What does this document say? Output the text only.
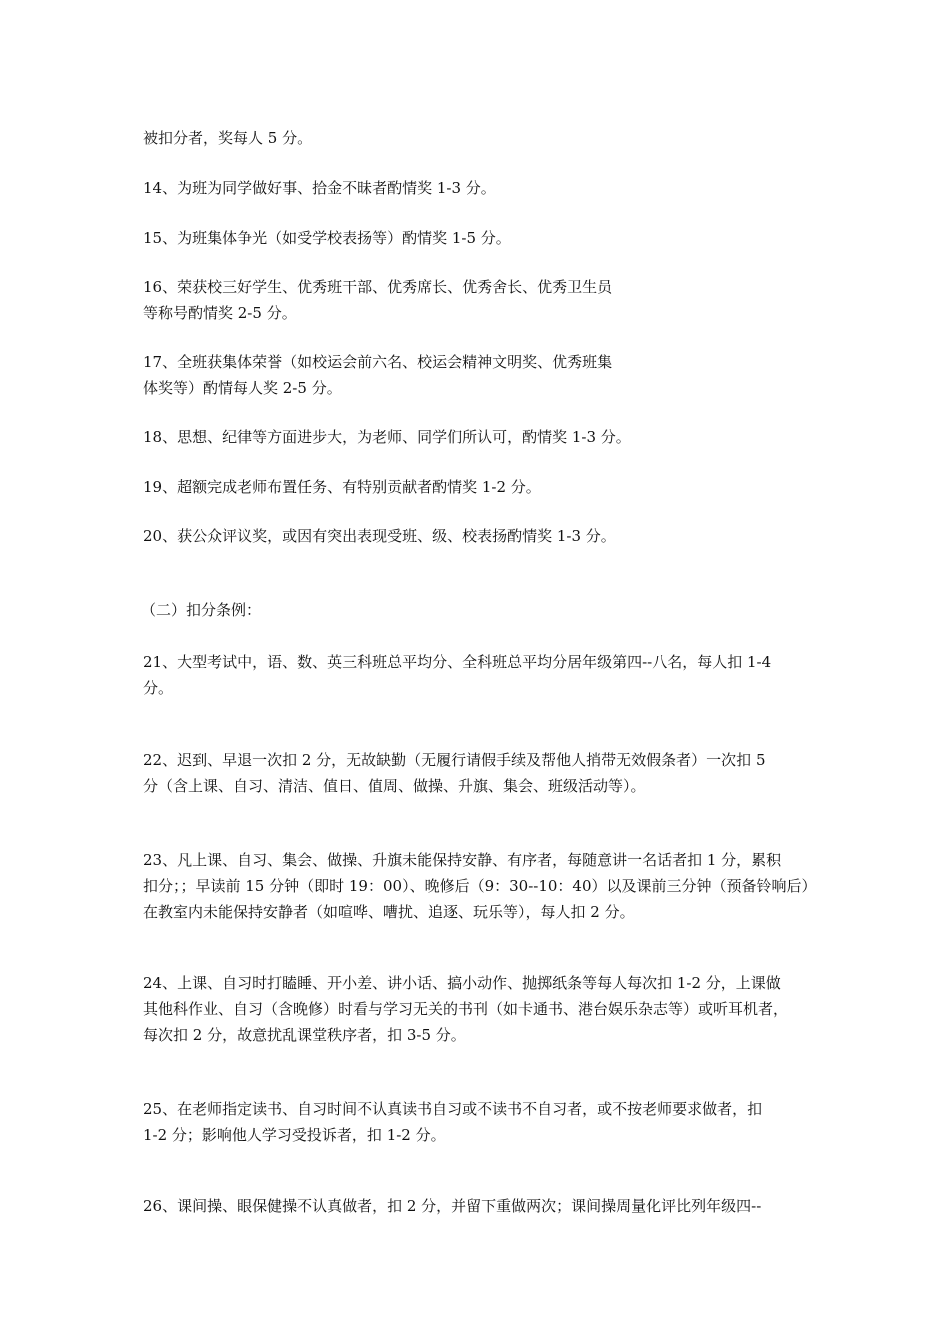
被扣分者，奖每人 5 分。
14、为班为同学做好事、拾金不昧者酌情奖 1-3 分。
15、为班集体争光（如受学校表扬等）酌情奖 1-5 分。
16、荣获校三好学生、优秀班干部、优秀席长、优秀舍长、优秀卫生员
等称号酌情奖 2-5 分。
17、全班获集体荣誉（如校运会前六名、校运会精神文明奖、优秀班集
体奖等）酌情每人奖 2-5 分。
18、思想、纪律等方面进步大，为老师、同学们所认可，酌情奖 1-3 分。
19、超额完成老师布置任务、有特别贡献者酌情奖 1-2 分。
20、获公众评议奖，或因有突出表现受班、级、校表扬酌情奖 1-3 分。
（二）扣分条例：
21、大型考试中，语、数、英三科班总平均分、全科班总平均分居年级第四--八名，每人扣 1-4
分。
22、迟到、早退一次扣 2 分，无故缺勤（无履行请假手续及帮他人捎带无效假条者）一次扣 5
分（含上课、自习、清洁、值日、值周、做操、升旗、集会、班级活动等）。
23、凡上课、自习、集会、做操、升旗未能保持安静、有序者，每随意讲一名话者扣 1 分，累积
扣分；；早读前 15 分钟（即时 19：00）、晚修后（9：30--10：40）以及课前三分钟（预备铃响后）
在教室内未能保持安静者（如喧哗、嘈扰、追逐、玩乐等），每人扣 2 分。
24、上课、自习时打瞌睡、开小差、讲小话、搞小动作、抛掷纸条等每人每次扣 1-2 分，上课做
其他科作业、自习（含晚修）时看与学习无关的书刊（如卡通书、港台娱乐杂志等）或听耳机者，
每次扣 2 分，故意扰乱课堂秩序者，扣 3-5 分。
25、在老师指定读书、自习时间不认真读书自习或不读书不自习者，或不按老师要求做者，扣
1-2 分；影响他人学习受投诉者，扣 1-2 分。
26、课间操、眼保健操不认真做者，扣 2 分，并留下重做两次；课间操周量化评比列年级四--
